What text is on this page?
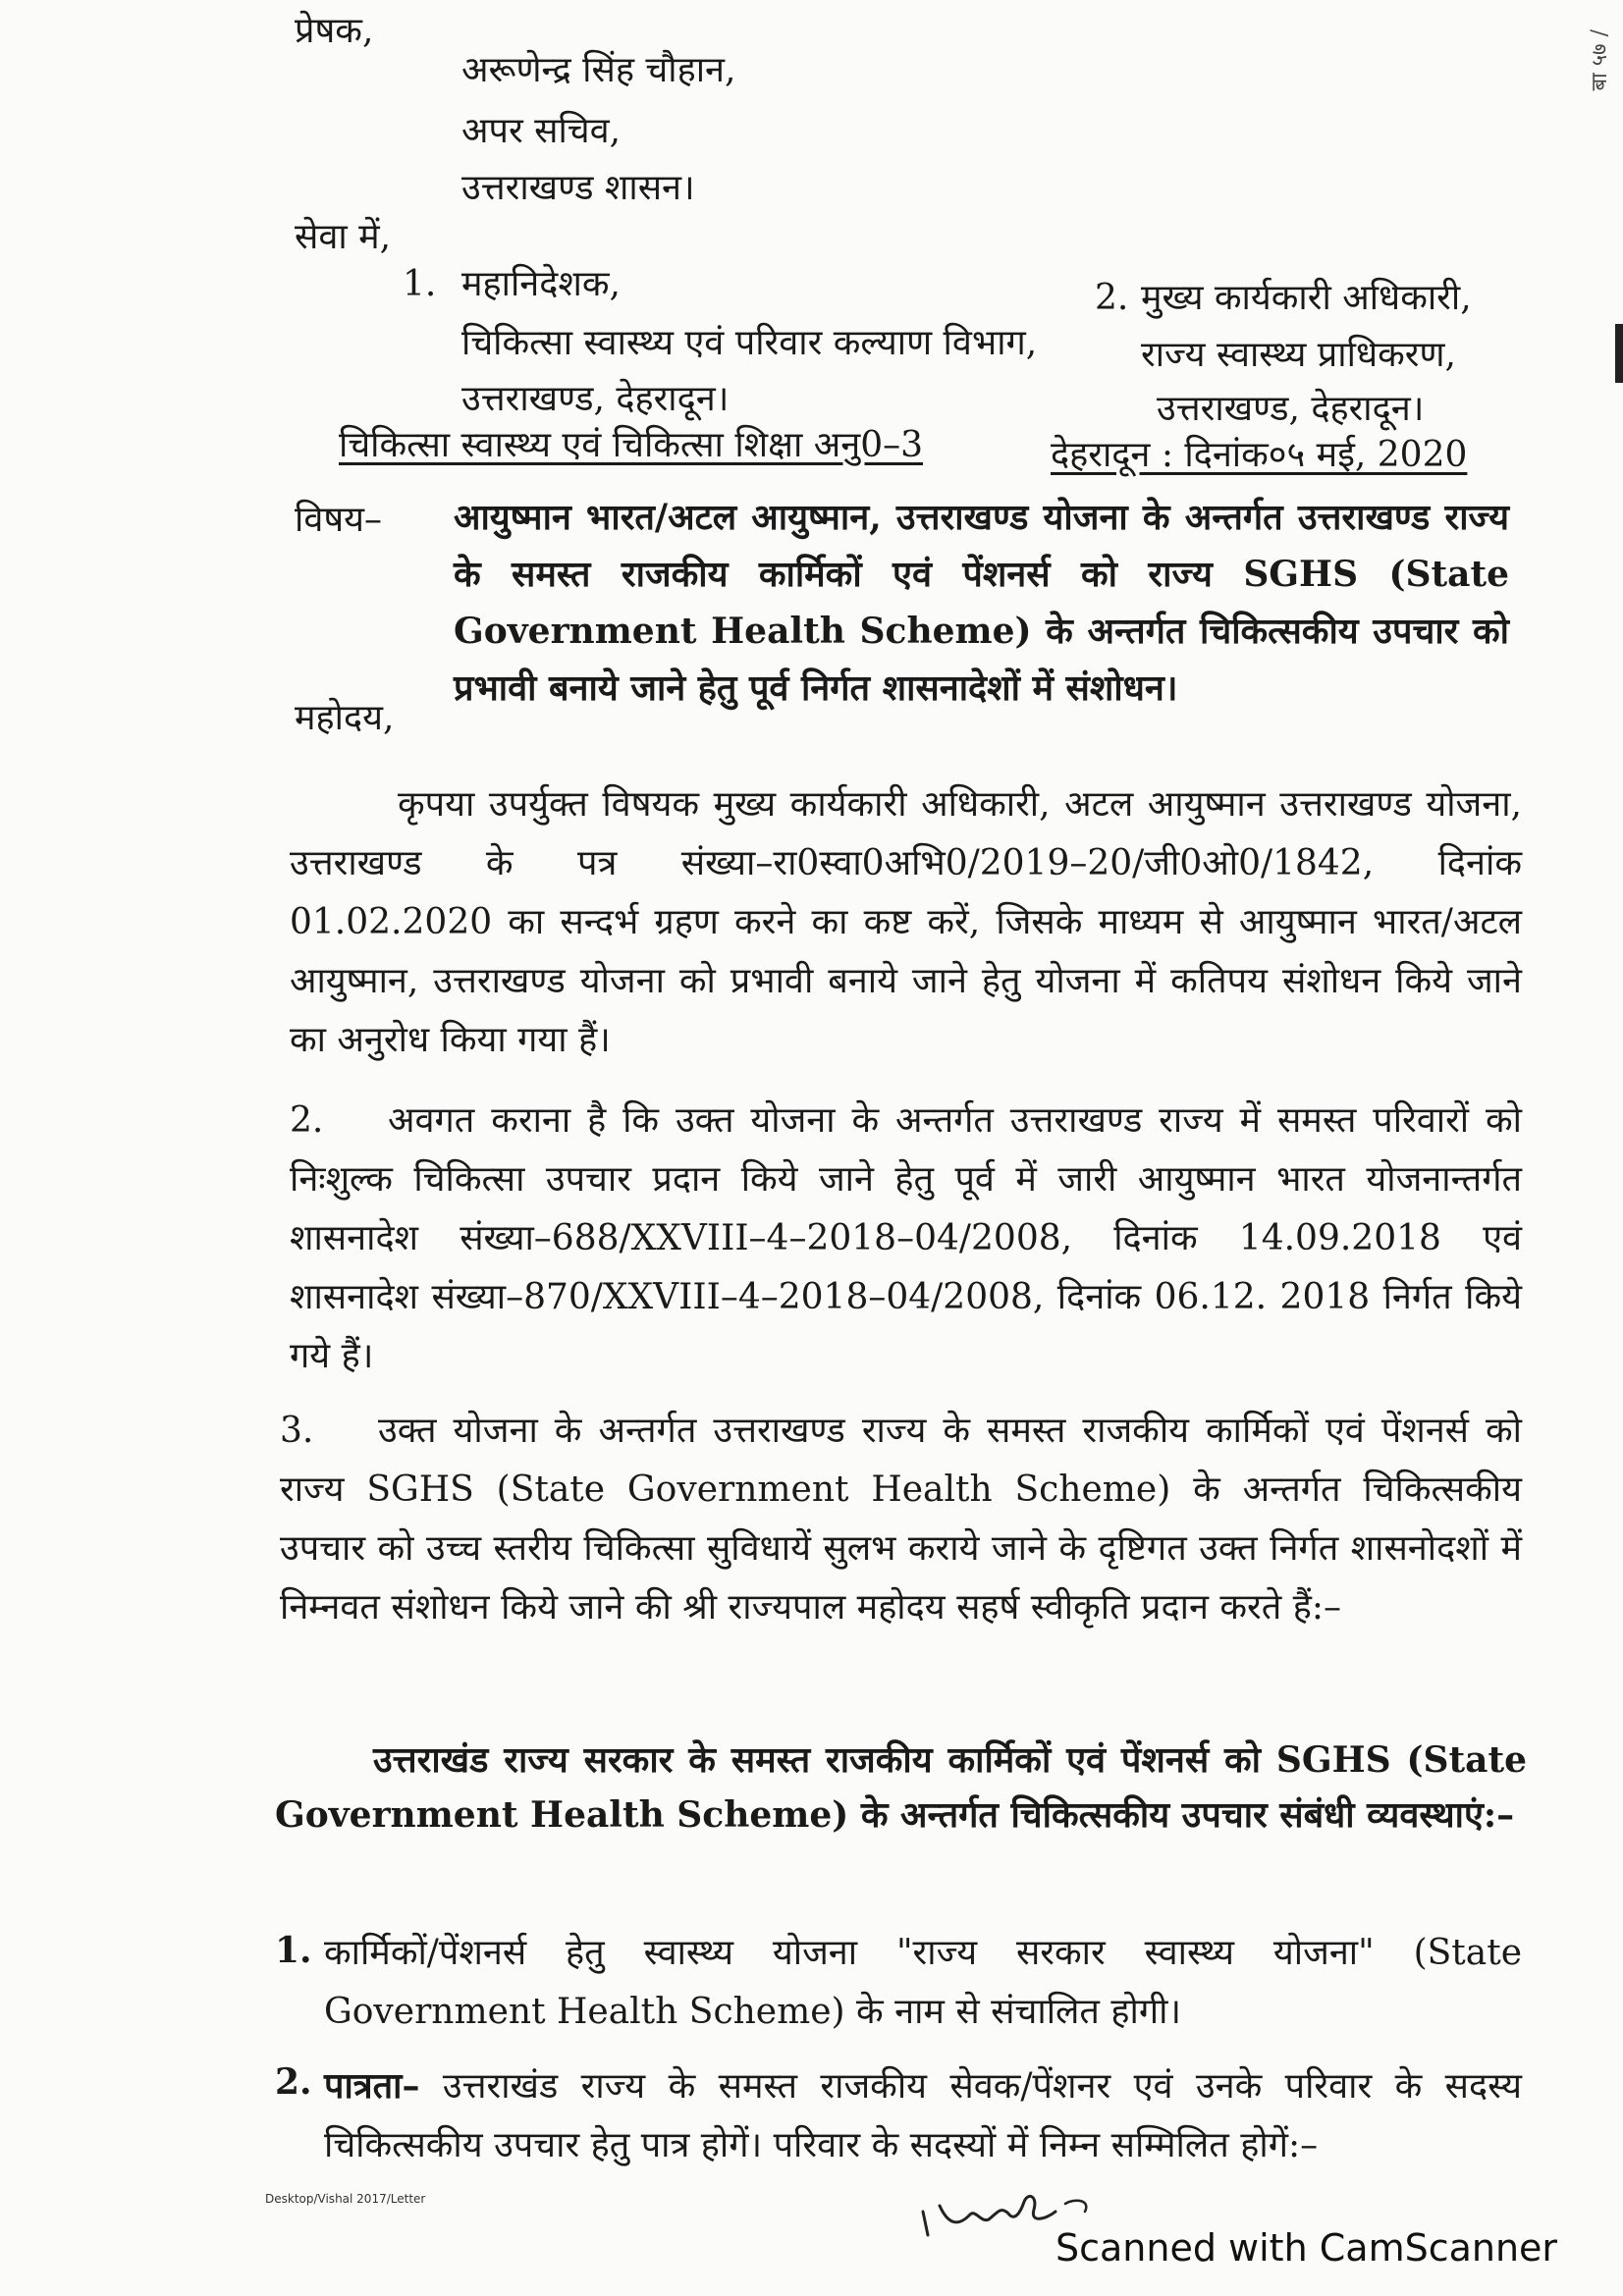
बा ५७ /
प्रेषक,
अरूणेन्द्र सिंह चौहान,
अपर सचिव,
उत्तराखण्ड शासन।
सेवा में,
1. महानिदेशक,
चिकित्सा स्वास्थ्य एवं परिवार कल्याण विभाग,
उत्तराखण्ड, देहरादून।
2. मुख्य कार्यकारी अधिकारी,
राज्य स्वास्थ्य प्राधिकरण,
उत्तराखण्ड, देहरादून।
चिकित्सा स्वास्थ्य एवं चिकित्सा शिक्षा अनु0–3	देहरादून : दिनांक०५ मई, 2020
विषय– आयुष्मान भारत/अटल आयुष्मान, उत्तराखण्ड योजना के अन्तर्गत उत्तराखण्ड राज्य के समस्त राजकीय कार्मिकों एवं पेंशनर्स को राज्य SGHS (State Government Health Scheme) के अन्तर्गत चिकित्सकीय उपचार को प्रभावी बनाये जाने हेतु पूर्व निर्गत शासनादेशों में संशोधन।
महोदय,
कृपया उपर्युक्त विषयक मुख्य कार्यकारी अधिकारी, अटल आयुष्मान उत्तराखण्ड योजना, उत्तराखण्ड के पत्र संख्या–रा0स्वा0अभि0/2019–20/जी0ओ0/1842, दिनांक 01.02.2020 का सन्दर्भ ग्रहण करने का कष्ट करें, जिसके माध्यम से आयुष्मान भारत/अटल आयुष्मान, उत्तराखण्ड योजना को प्रभावी बनाये जाने हेतु योजना में कतिपय संशोधन किये जाने का अनुरोध किया गया हैं।
2. अवगत कराना है कि उक्त योजना के अन्तर्गत उत्तराखण्ड राज्य में समस्त परिवारों को निःशुल्क चिकित्सा उपचार प्रदान किये जाने हेतु पूर्व में जारी आयुष्मान भारत योजनान्तर्गत शासनादेश संख्या–688/XXVIII–4–2018–04/2008, दिनांक 14.09.2018 एवं शासनादेश संख्या–870/XXVIII–4–2018–04/2008, दिनांक 06.12. 2018 निर्गत किये गये हैं।
3. उक्त योजना के अन्तर्गत उत्तराखण्ड राज्य के समस्त राजकीय कार्मिकों एवं पेंशनर्स को राज्य SGHS (State Government Health Scheme) के अन्तर्गत चिकित्सकीय उपचार को उच्च स्तरीय चिकित्सा सुविधायें सुलभ कराये जाने के दृष्टिगत उक्त निर्गत शासनोदशों में निम्नवत संशोधन किये जाने की श्री राज्यपाल महोदय सहर्ष स्वीकृति प्रदान करते हैं:–
उत्तराखंड राज्य सरकार के समस्त राजकीय कार्मिकों एवं पेंशनर्स को SGHS (State Government Health Scheme) के अन्तर्गत चिकित्सकीय उपचार संबंधी व्यवस्थाएं:–
1. कार्मिकों/पेंशनर्स हेतु स्वास्थ्य योजना "राज्य सरकार स्वास्थ्य योजना" (State Government Health Scheme) के नाम से संचालित होगी।
2. पात्रता– उत्तराखंड राज्य के समस्त राजकीय सेवक/पेंशनर एवं उनके परिवार के सदस्य चिकित्सकीय उपचार हेतु पात्र होगें। परिवार के सदस्यों में निम्न सम्मिलित होगें:–
Desktop/Vishal 2017/Letter
Scanned with CamScanner
